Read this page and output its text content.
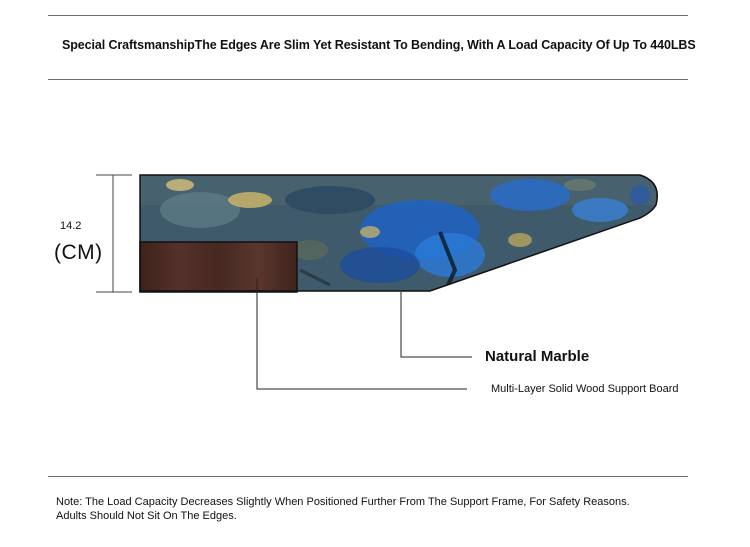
Special CraftsmanshipThe Edges Are Slim Yet Resistant To Bending, With A Load Capacity Of Up To 440LBS
14.2
(CM)
Natural Marble
Multi-Layer Solid Wood Support Board
Note: The Load Capacity Decreases Slightly When Positioned Further From The Support Frame, For Safety Reasons. Adults Should Not Sit On The Edges.
